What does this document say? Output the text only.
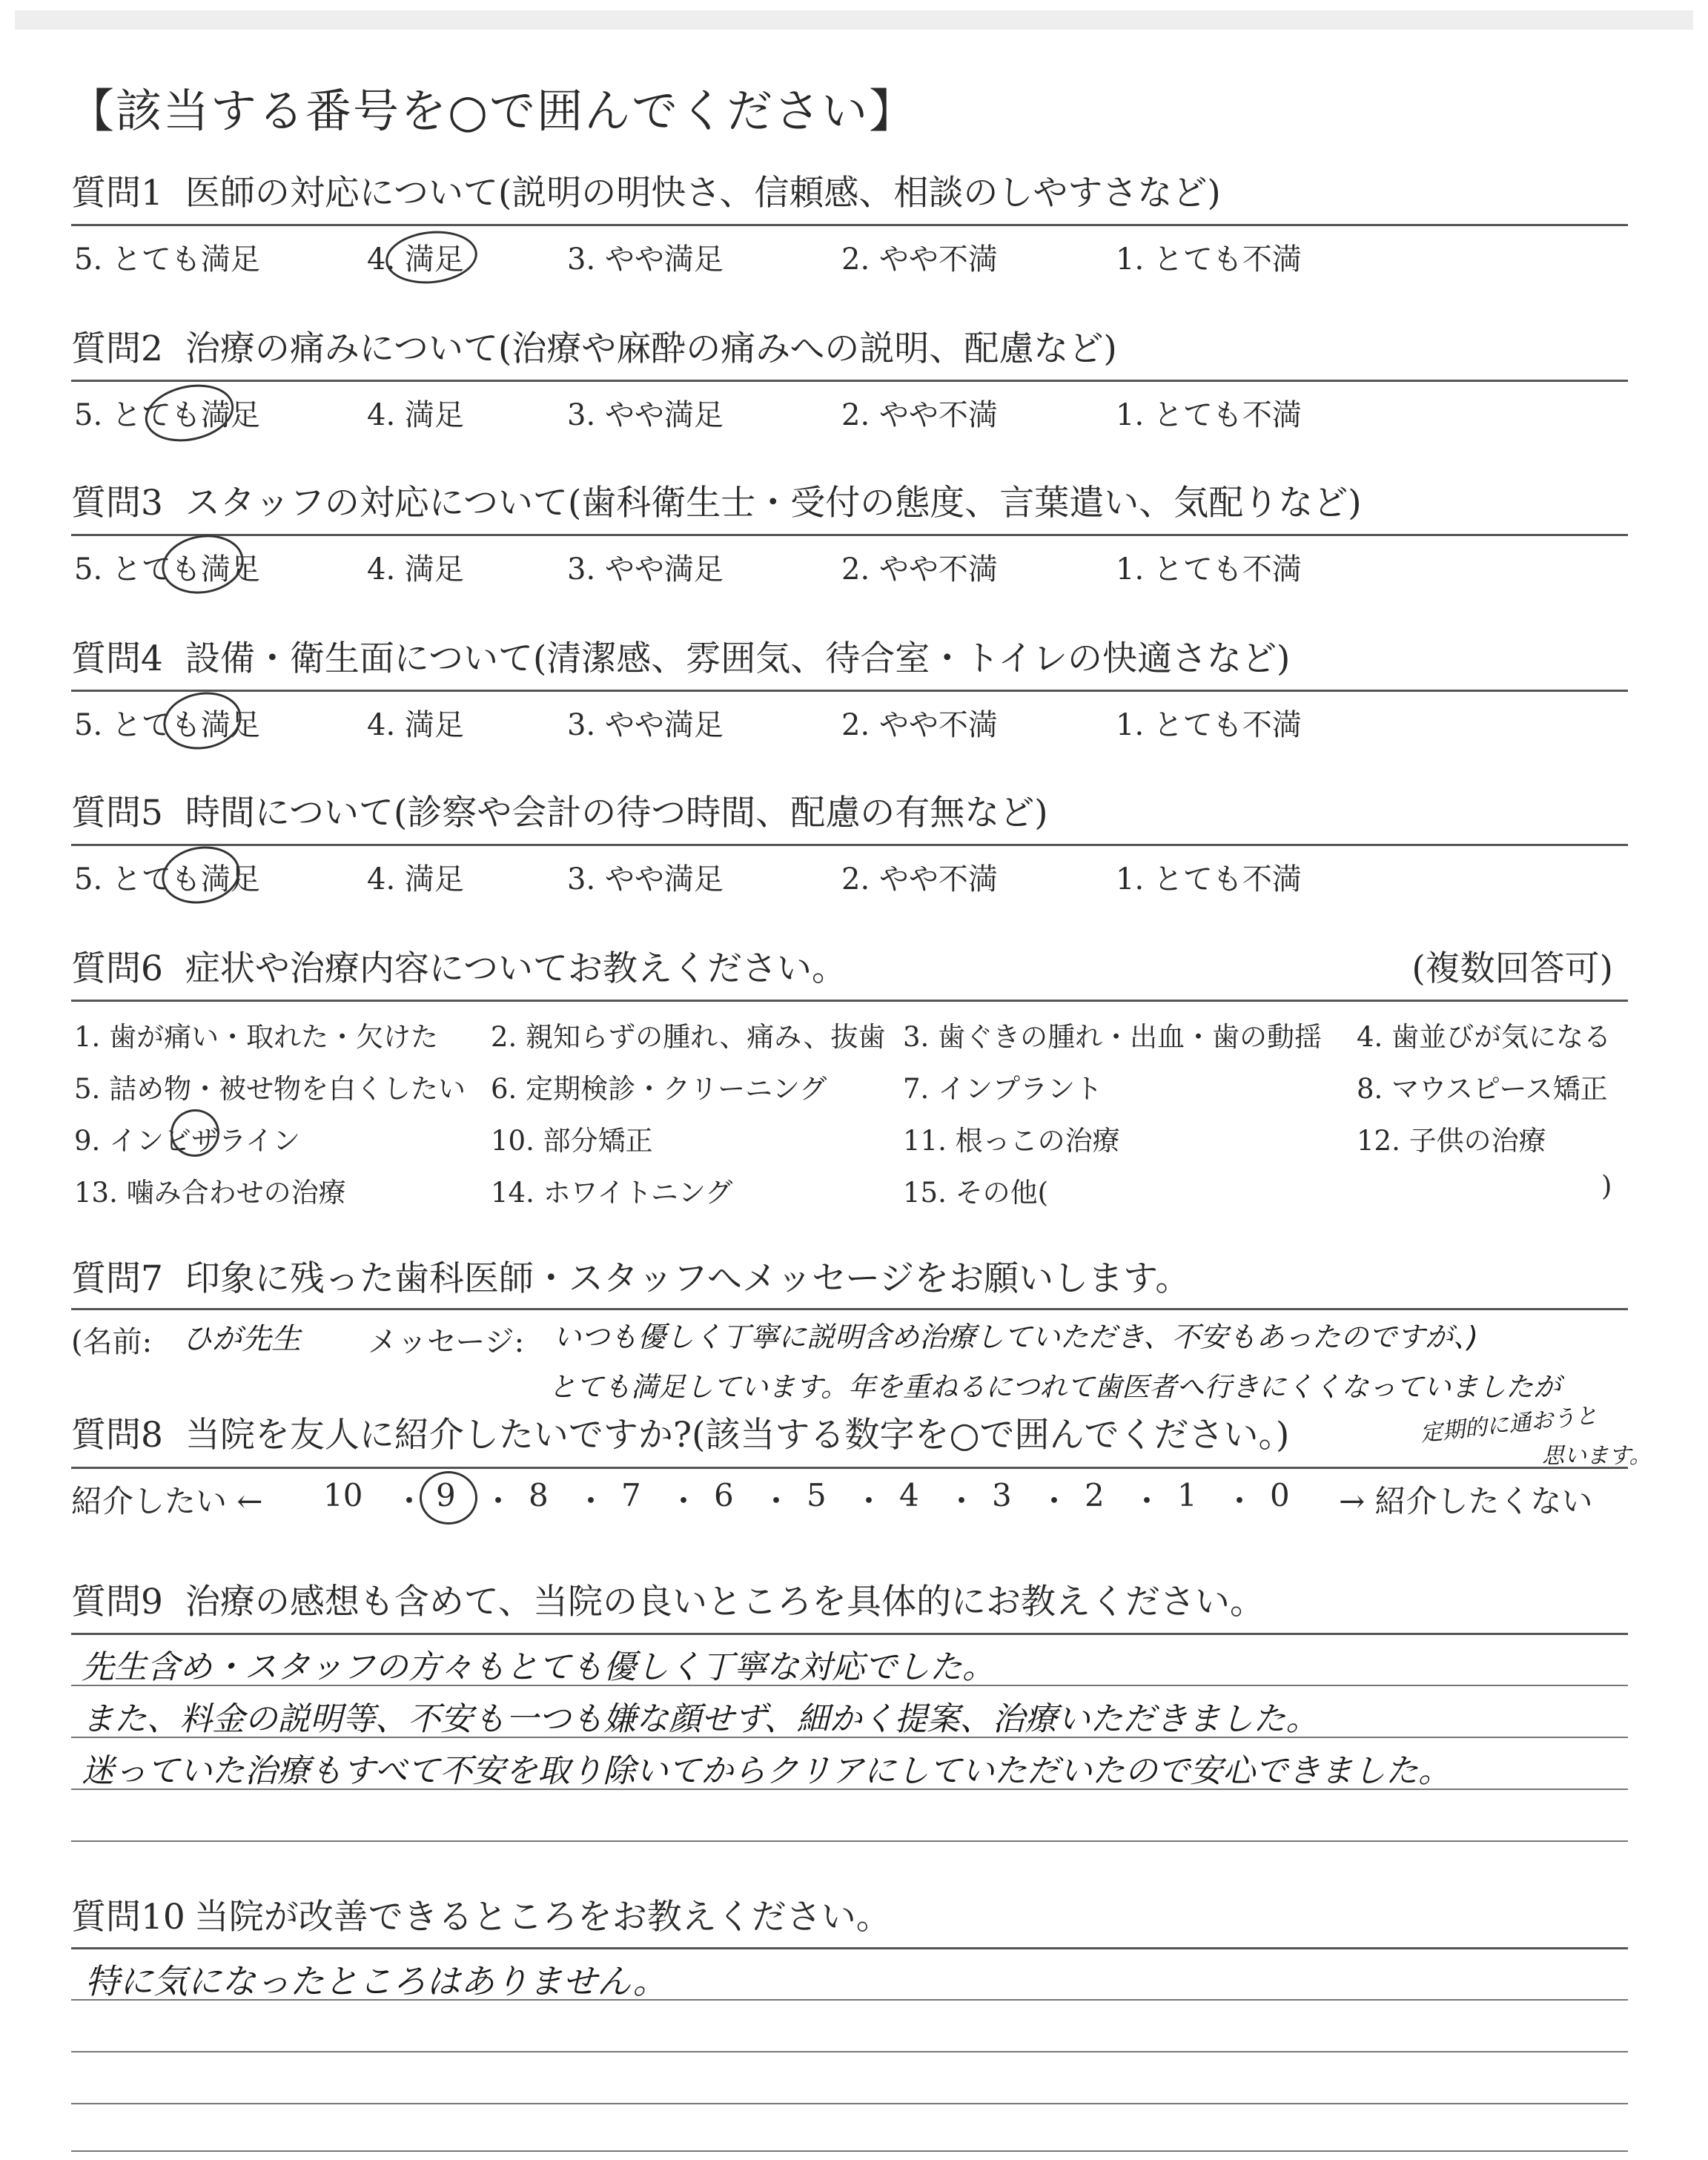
【該当する番号を○で囲んでください】
質問1 医師の対応について(説明の明快さ、信頼感、相談のしやすさなど)
5. とても満足	4. 満足	3. やや満足	2. やや不満	1. とても不満
質問2 治療の痛みについて(治療や麻酔の痛みへの説明、配慮など)
5. とても満足	4. 満足	3. やや満足	2. やや不満	1. とても不満
質問3 スタッフの対応について(歯科衛生士・受付の態度、言葉遣い、気配りなど)
5. とても満足	4. 満足	3. やや満足	2. やや不満	1. とても不満
質問4 設備・衛生面について(清潔感、雰囲気、待合室・トイレの快適さなど)
5. とても満足	4. 満足	3. やや満足	2. やや不満	1. とても不満
質問5 時間について(診察や会計の待つ時間、配慮の有無など)
5. とても満足	4. 満足	3. やや満足	2. やや不満	1. とても不満
質問6 症状や治療内容についてお教えください。	(複数回答可)
1. 歯が痛い・取れた・欠けた 2. 親知らずの腫れ、痛み、抜歯 3. 歯ぐきの腫れ・出血・歯の動揺 4. 歯並びが気になる
5. 詰め物・被せ物を白くしたい 6. 定期検診・クリーニング	7. インプラント	8. マウスピース矯正
9. インビザライン	10. 部分矯正	11. 根っこの治療	12. 子供の治療
13. 噛み合わせの治療	14. ホワイトニング	15. その他(	)
質問7 印象に残った歯科医師・スタッフへメッセージをお願いします。
(名前: ひが先生 メッセージ: いつも優しく丁寧に説明含め治療していただき、不安もあったのですが、)
とても満足しています。年を重ねるにつれて歯医者へ行きにくくなっていましたが
定期的に通おうと
思います。
質問8 当院を友人に紹介したいですか?(該当する数字を○で囲んでください。)
紹介したい ← 10 ・ 9 ・ 8 ・ 7 ・ 6 ・ 5 ・ 4 ・ 3 ・ 2 ・ 1 ・ 0 → 紹介したくない
質問9 治療の感想も含めて、当院の良いところを具体的にお教えください。
先生含め・スタッフの方々もとても優しく丁寧な対応でした。
また、料金の説明等、不安も一つも嫌な顔せず、細かく提案、治療いただきました。
迷っていた治療もすべて不安を取り除いてからクリアにしていただいたので安心できました。
質問10 当院が改善できるところをお教えください。
特に気になったところはありません。
